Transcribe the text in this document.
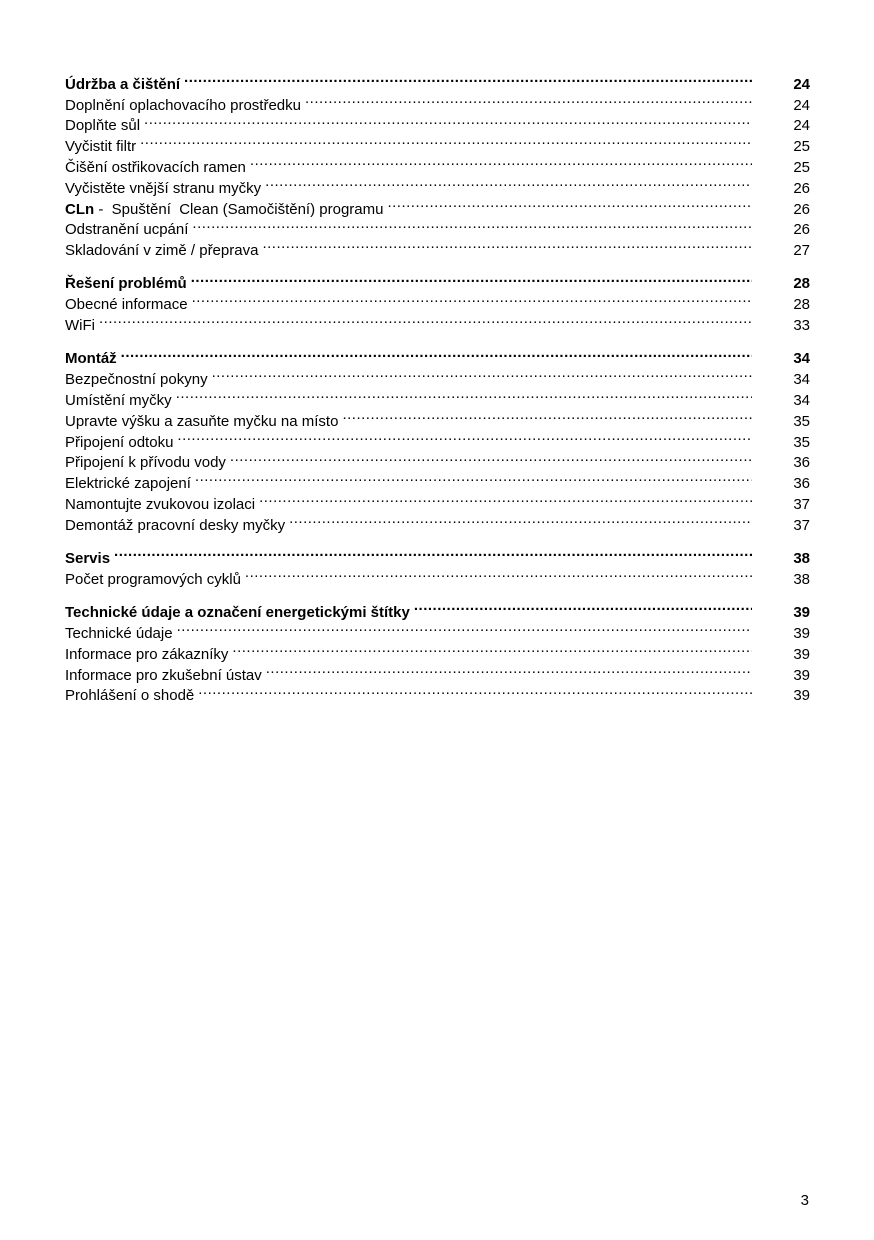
Údržba a čištění .....	24
Doplnění oplachovacího prostředku .....	24
Doplňte sůl .....	24
Vyčistit filtr .....	25
Čišění ostřikovacích ramen .....	25
Vyčistěte vnější stranu myčky .....	26
CLn -  Spuštění  Clean (Samočištění) programu .....	26
Odstranění ucpání .....	26
Skladování v zimě / přeprava .....	27
Řešení problémů .....	28
Obecné informace .....	28
WiFi .....	33
Montáž .....	34
Bezpečnostní pokyny .....	34
Umístění myčky .....	34
Upravte výšku a zasuňte myčku na místo .....	35
Připojení odtoku .....	35
Připojení k přívodu vody .....	36
Elektrické zapojení .....	36
Namontujte zvukovou izolaci .....	37
Demontáž pracovní desky myčky .....	37
Servis .....	38
Počet programových cyklů .....	38
Technické údaje a označení energetickými štítky .....	39
Technické údaje .....	39
Informace pro zákazníky .....	39
Informace pro zkušební ústav .....	39
Prohlášení o shodě .....	39
3
